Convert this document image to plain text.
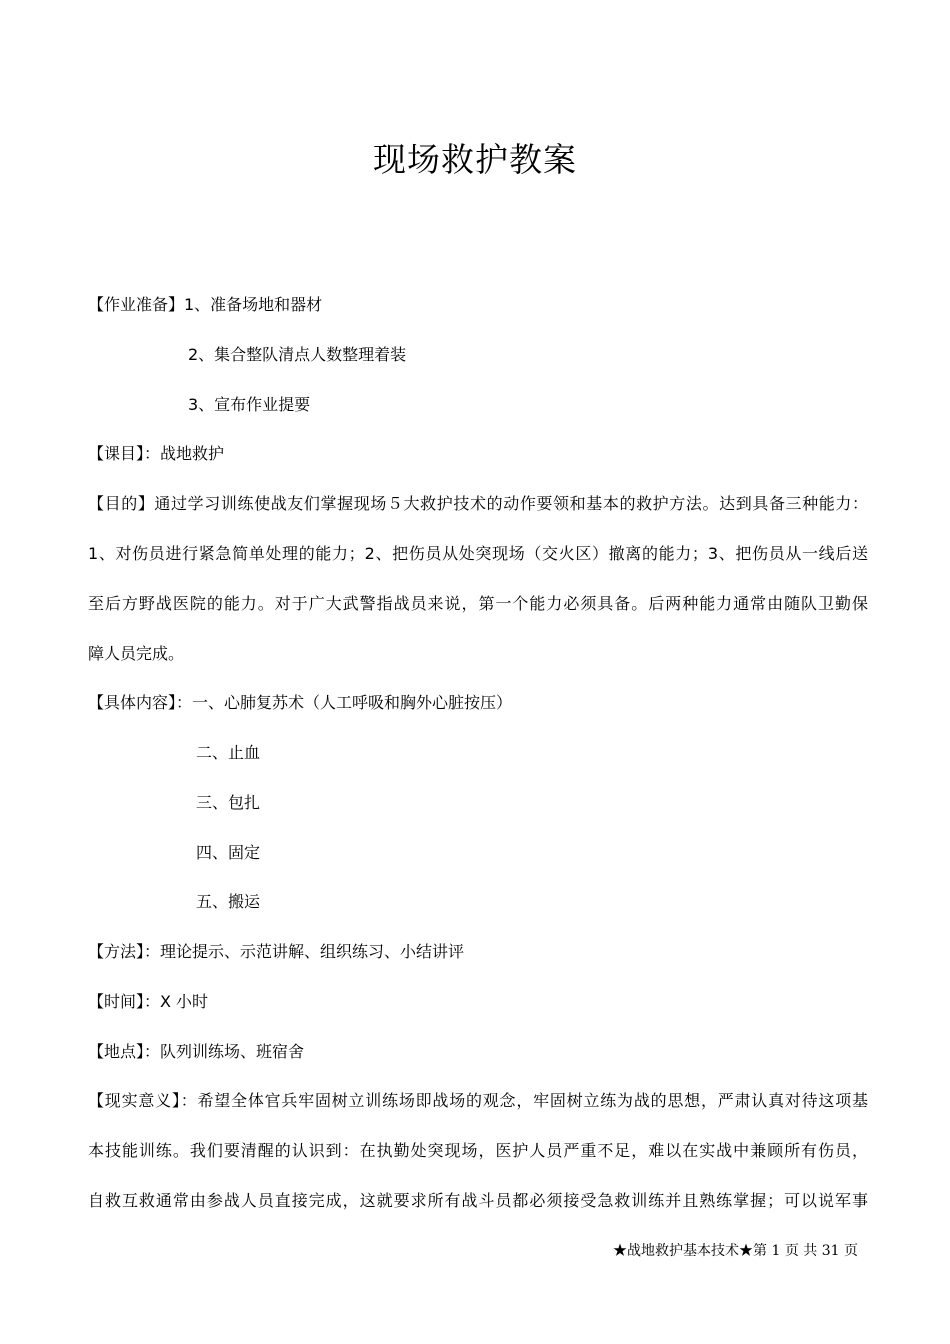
现场救护教案
【作业准备】1、准备场地和器材
2、集合整队清点人数整理着装
3、宣布作业提要
【课目】：战地救护
【目的】通过学习训练使战友们掌握现场５大救护技术的动作要领和基本的救护方法。达到具备三种能力：
1、对伤员进行紧急简单处理的能力；2、把伤员从处突现场（交火区）撤离的能力；3、把伤员从一线后送
至后方野战医院的能力。对于广大武警指战员来说，第一个能力必须具备。后两种能力通常由随队卫勤保
障人员完成。
【具体内容】：一、心肺复苏术（人工呼吸和胸外心脏按压）
二、止血
三、包扎
四、固定
五、搬运
【方法】：理论提示、示范讲解、组织练习、小结讲评
【时间】：X 小时
【地点】：队列训练场、班宿舍
【现实意义】：希望全体官兵牢固树立训练场即战场的观念，牢固树立练为战的思想，严肃认真对待这项基
本技能训练。我们要清醒的认识到：在执勤处突现场，医护人员严重不足，难以在实战中兼顾所有伤员，
自救互救通常由参战人员直接完成，这就要求所有战斗员都必须接受急救训练并且熟练掌握；可以说军事
★战地救护基本技术★第 1 页 共 31 页
